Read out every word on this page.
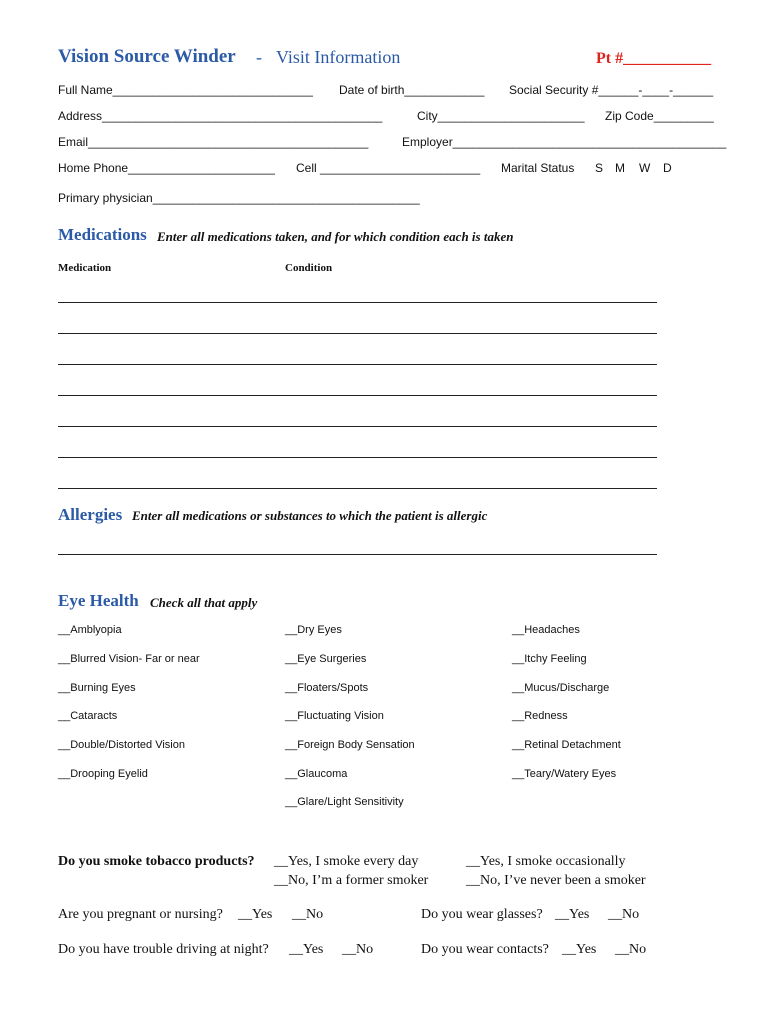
Vision Source Winder - Visit Information	Pt #___________
Full Name______________________________ Date of birth____________ Social Security #______-____-______
Address__________________________________________	City______________________ Zip Code_________
Email__________________________________________	Employer_________________________________________
Home Phone______________________ Cell ________________________ Marital Status S M W D
Primary physician________________________________________
Medications Enter all medications taken, and for which condition each is taken
Medication	Condition
Allergies Enter all medications or substances to which the patient is allergic
Eye Health Check all that apply
__Amblyopia
__Blurred Vision- Far or near
__Burning Eyes
__Cataracts
__Double/Distorted Vision
__Drooping Eyelid
__Dry Eyes
__Eye Surgeries
__Floaters/Spots
__Fluctuating Vision
__Foreign Body Sensation
__Glaucoma
__Glare/Light Sensitivity
__Headaches
__Itchy Feeling
__Mucus/Discharge
__Redness
__Retinal Detachment
__Teary/Watery Eyes
Do you smoke tobacco products? __Yes, I smoke every day	__Yes, I smoke occasionally
__No, I’m a former smoker	__No, I’ve never been a smoker
Are you pregnant or nursing? __Yes __No	Do you wear glasses? __Yes __No
Do you have trouble driving at night? __Yes __No	Do you wear contacts? __Yes __No
